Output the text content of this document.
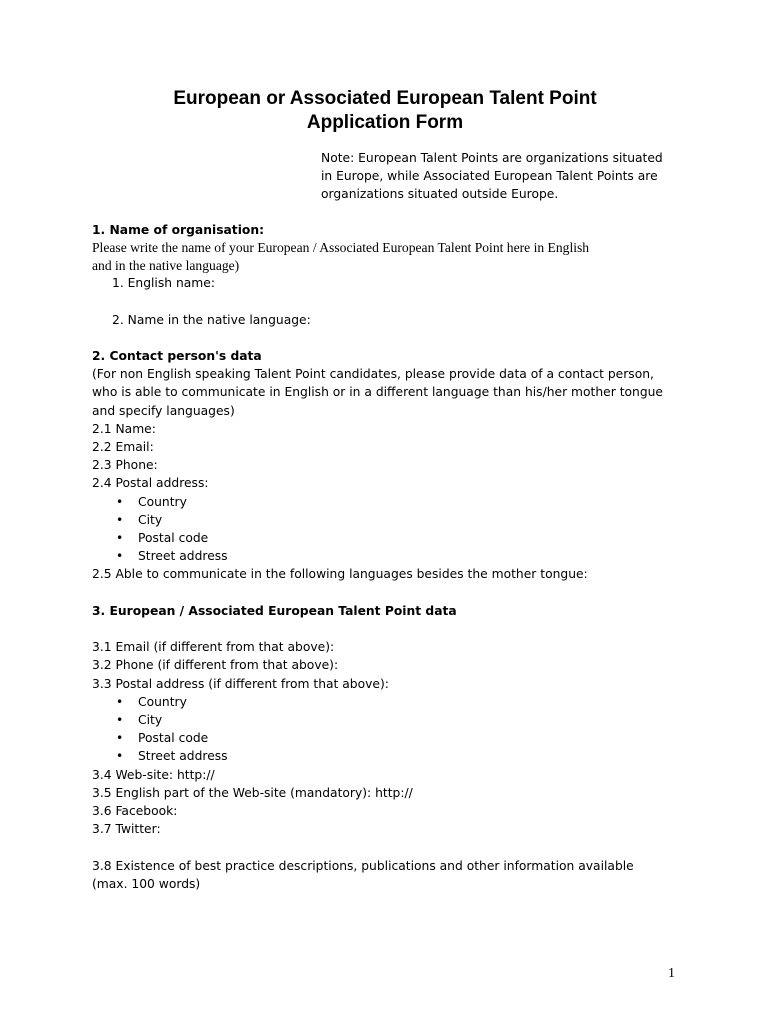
European or Associated European Talent Point
Application Form

Note: European Talent Points are organizations situated

in Europe, while Associated European Talent Points are

organizations situated outside Europe.

1. Name of organisation:

Please write the name of your European / Associated European Talent Point here in English

and in the native language)

1. English name:

2. Name in the native language:

2. Contact person's data

(For non English speaking Talent Point candidates, please provide data of a contact person,

who is able to communicate in English or in a different language than his/her mother tongue

and specify languages)

2.1 Name:

2.2 Email:

2.3 Phone:

2.4 Postal address:

• Country
• City
• Postal code
• Street address

2.5 Able to communicate in the following languages besides the mother tongue:

3. European / Associated European Talent Point data

3.1 Email (if different from that above):

3.2 Phone (if different from that above):

3.3 Postal address (if different from that above):

• Country
• City
• Postal code
• Street address

3.4 Web-site: http://

3.5 English part of the Web-site (mandatory): http://

3.6 Facebook:

3.7 Twitter:

3.8 Existence of best practice descriptions, publications and other information available

(max. 100 words)

1
